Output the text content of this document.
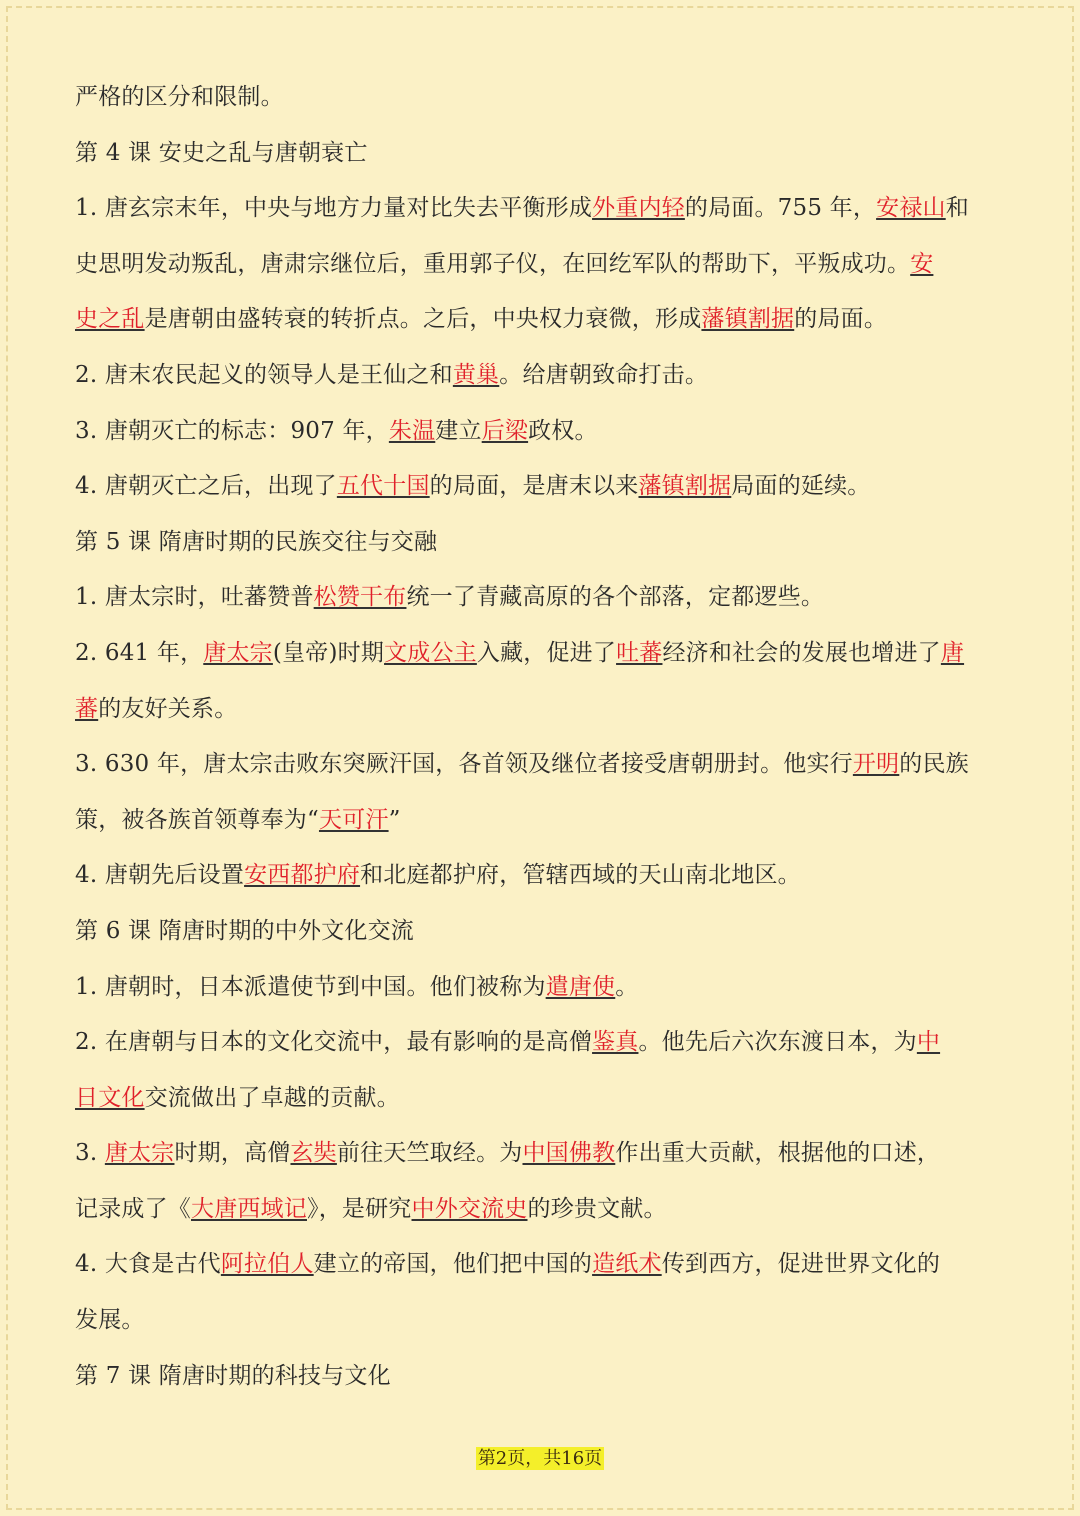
严格的区分和限制。
第 4 课 安史之乱与唐朝衰亡
1. 唐玄宗末年，中央与地方力量对比失去平衡形成外重内轻的局面。755 年，安禄山和
史思明发动叛乱，唐肃宗继位后，重用郭子仪，在回纥军队的帮助下，平叛成功。安
史之乱是唐朝由盛转衰的转折点。之后，中央权力衰微，形成藩镇割据的局面。
2. 唐末农民起义的领导人是王仙之和黄巢。给唐朝致命打击。
3. 唐朝灭亡的标志：907 年，朱温建立后梁政权。
4. 唐朝灭亡之后，出现了五代十国的局面，是唐末以来藩镇割据局面的延续。
第 5 课 隋唐时期的民族交往与交融
1. 唐太宗时，吐蕃赞普松赞干布统一了青藏高原的各个部落，定都逻些。
2. 641 年，唐太宗(皇帝)时期文成公主入藏，促进了吐蕃经济和社会的发展也增进了唐
蕃的友好关系。
3. 630 年，唐太宗击败东突厥汗国，各首领及继位者接受唐朝册封。他实行开明的民族
策，被各族首领尊奉为“天可汗”
4. 唐朝先后设置安西都护府和北庭都护府，管辖西域的天山南北地区。
第 6 课 隋唐时期的中外文化交流
1. 唐朝时，日本派遣使节到中国。他们被称为遣唐使。
2. 在唐朝与日本的文化交流中，最有影响的是高僧鉴真。他先后六次东渡日本，为中
日文化交流做出了卓越的贡献。
3. 唐太宗时期，高僧玄奘前往天竺取经。为中国佛教作出重大贡献，根据他的口述，
记录成了《大唐西域记》，是研究中外交流史的珍贵文献。
4. 大食是古代阿拉伯人建立的帝国，他们把中国的造纸术传到西方，促进世界文化的
发展。
第 7 课 隋唐时期的科技与文化
第2页，共16页
